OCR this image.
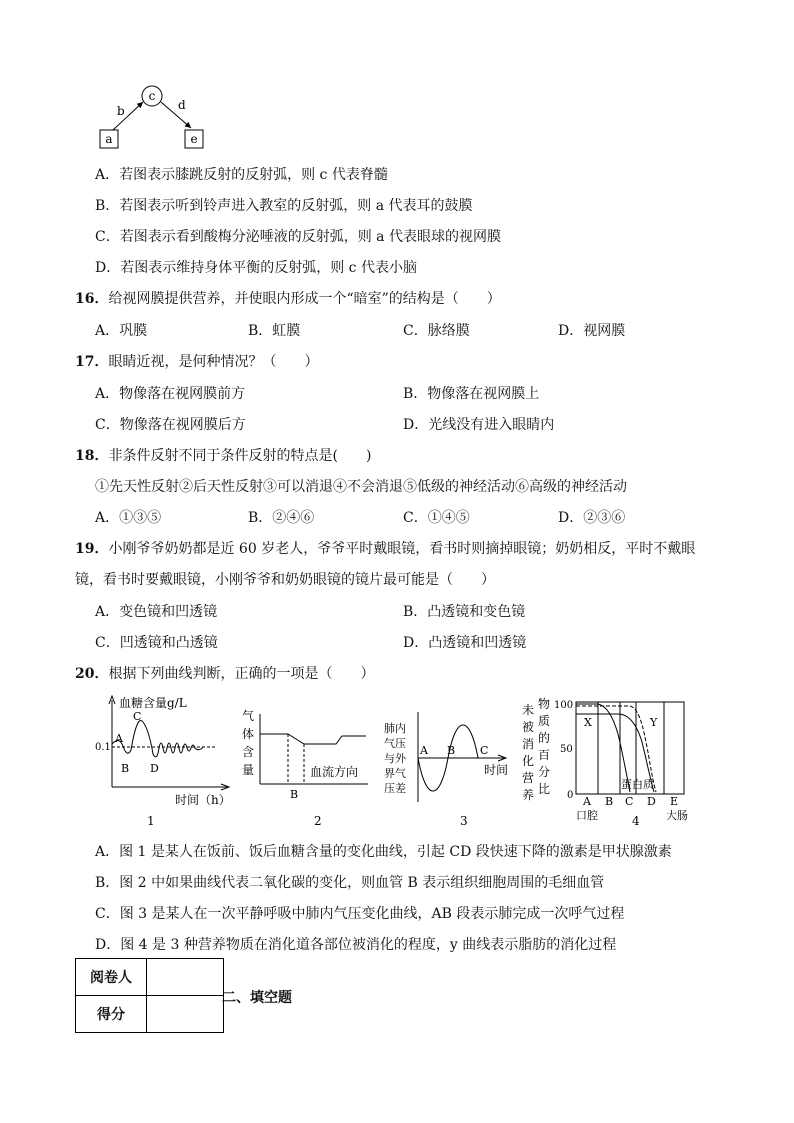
c
a	e
b	d
A．若图表示膝跳反射的反射弧，则 c 代表脊髓
B．若图表示听到铃声进入教室的反射弧，则 a 代表耳的鼓膜
C．若图表示看到酸梅分泌唾液的反射弧，则 a 代表眼球的视网膜
D．若图表示维持身体平衡的反射弧，则 c 代表小脑
16．给视网膜提供营养，并使眼内形成一个“暗室”的结构是（　　）
A．巩膜	B．虹膜	C．脉络膜	D．视网膜
17．眼睛近视，是何种情况？（　　）
A．物像落在视网膜前方	B．物像落在视网膜上
C．物像落在视网膜后方	D．光线没有进入眼睛内
18．非条件反射不同于条件反射的特点是(　　)
①先天性反射②后天性反射③可以消退④不会消退⑤低级的神经活动⑥高级的神经活动
A．①③⑤	B．②④⑥	C．①④⑤	D．②③⑥
19．小刚爷爷奶奶都是近 60 岁老人，爷爷平时戴眼镜，看书时则摘掉眼镜；奶奶相反，平时不戴眼
镜，看书时要戴眼镜，小刚爷爷和奶奶眼镜的镜片最可能是（　　）
A．变色镜和凹透镜	B．凸透镜和变色镜
C．凹透镜和凸透镜	D．凸透镜和凹透镜
20．根据下列曲线判断，正确的一项是（　　）
血糖含量g/L
0.1
A
B
C
D
时间（h）
1
气
体
含
量	血流方向
B
2
肺内
气压
与外
界气
压差
A B C
时间
3
未
被
消
化
营
养
物
质
的
百
分
比
100
50
0
X	Y
蛋白质
A B C D E
口腔	大肠
4
A．图 1 是某人在饭前、饭后血糖含量的变化曲线，引起 CD 段快速下降的激素是甲状腺激素
B．图 2 中如果曲线代表二氧化碳的变化，则血管 B 表示组织细胞周围的毛细血管
C．图 3 是某人在一次平静呼吸中肺内气压变化曲线，AB 段表示肺完成一次呼气过程
D．图 4 是 3 种营养物质在消化道各部位被消化的程度，y 曲线表示脂肪的消化过程
阅卷人	
得分	
二、填空题
